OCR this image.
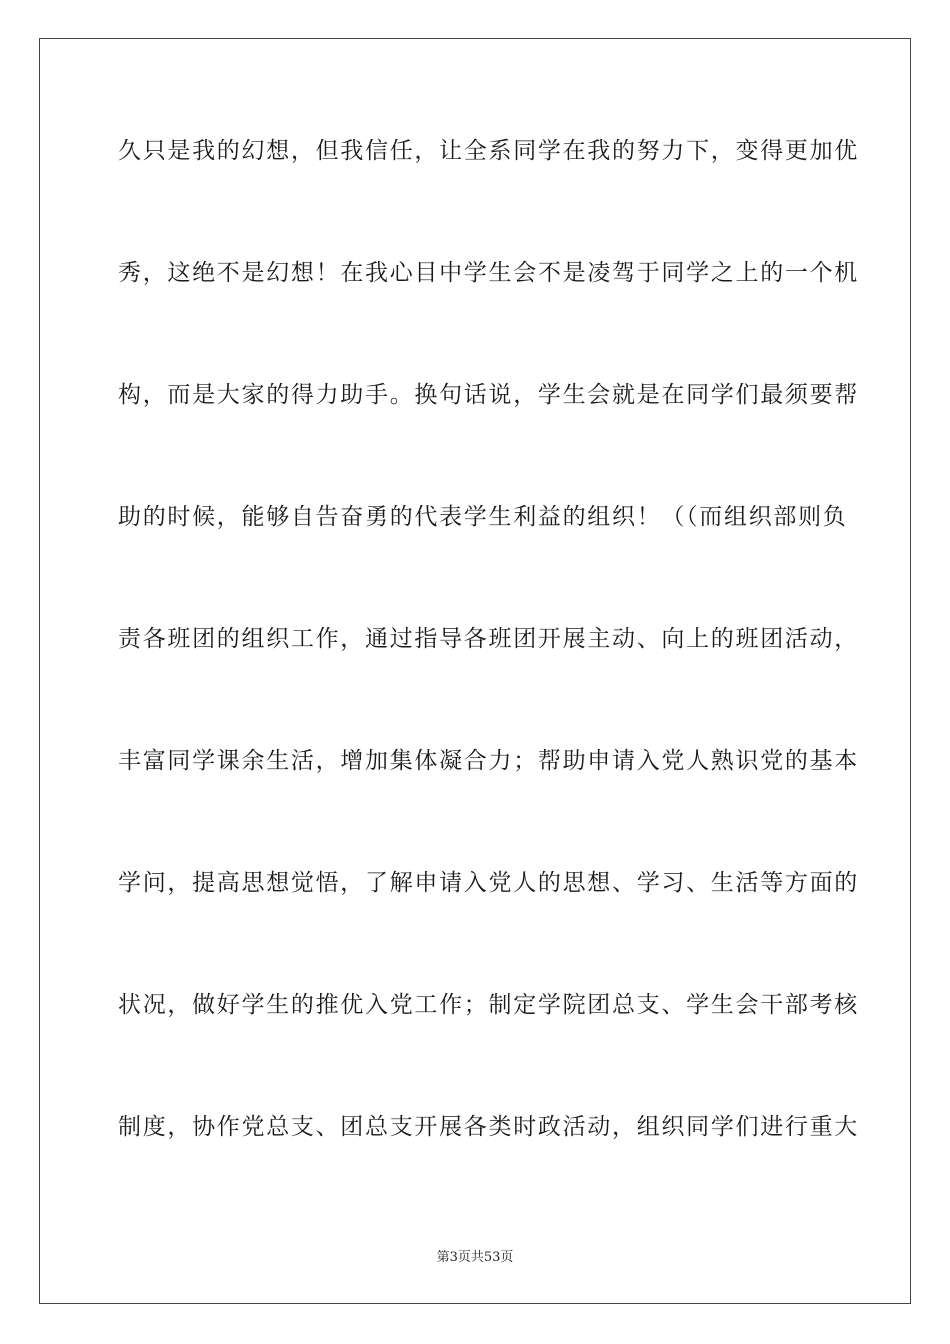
久只是我的幻想，但我信任，让全系同学在我的努力下，变得更加优
秀，这绝不是幻想！在我心目中学生会不是凌驾于同学之上的一个机
构，而是大家的得力助手。换句话说，学生会就是在同学们最须要帮
助的时候，能够自告奋勇的代表学生利益的组织！（（而组织部则负
责各班团的组织工作，通过指导各班团开展主动、向上的班团活动，
丰富同学课余生活，增加集体凝合力；帮助申请入党人熟识党的基本
学问，提高思想觉悟，了解申请入党人的思想、学习、生活等方面的
状况，做好学生的推优入党工作；制定学院团总支、学生会干部考核
制度，协作党总支、团总支开展各类时政活动，组织同学们进行重大
第3页共53页
